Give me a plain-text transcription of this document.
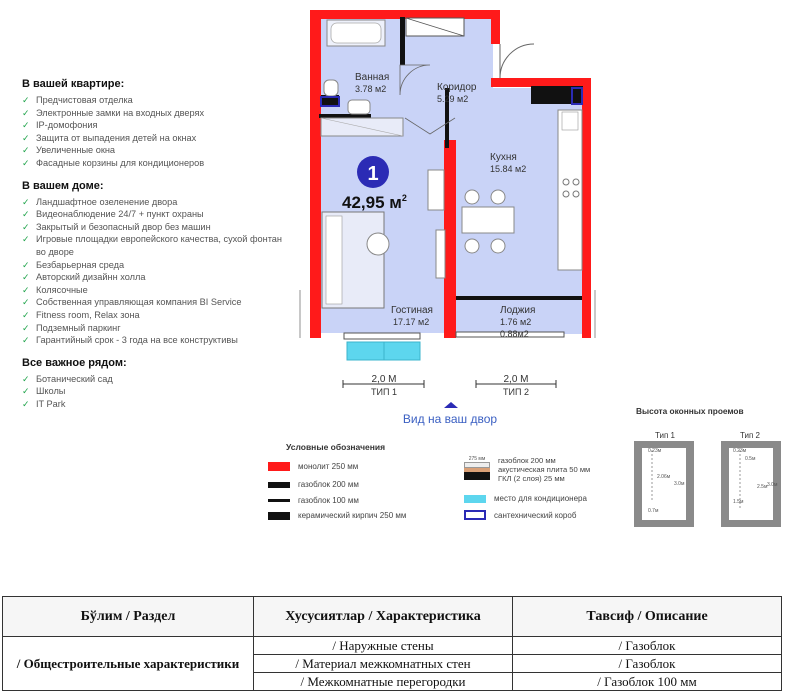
В вашей квартире:
✓ Предчистовая отделка
✓ Электронные замки на входных дверях
✓ IP-домофония
✓ Защита от выпадения детей на окнах
✓ Увеличенные окна
✓ Фасадные корзины для кондиционеров
В вашем доме:
✓ Ландшафтное озеленение двора
✓ Видеонаблюдение 24/7 + пункт охраны
✓ Закрытый и безопасный двор без машин
✓ Игровые площадки европейского качества, сухой фонтан во дворе
✓ Безбарьерная среда
✓ Авторский дизайнн холла
✓ Колясочные
✓ Собственная управляющая компания BI Service
✓ Fitness room, Relax зона
✓ Подземный паркинг
✓ Гарантийный срок - 3 года на все конструктивы
Все важное рядом:
✓ Ботанический сад
✓ Школы
✓ IT Park
Ванная
3.78 м2	Коридор
5.29 м2
Кухня
15.84 м2
Гостиная
17.17 м2
Лоджия
1.76 м2
0.88м2
1
42,95 $м^2$
2,0 М
ТИП 1
2,0 М
ТИП 2
Вид на ваш двор
Тип 1
0.23м
2.06м
3.0м
0.7м
Тип 2
0.23м
0.5м
2.5м 3.0м
1.5м
Условные обозначения
монолит 250 мм
газоблок 200 мм
газоблок 100 мм
керамический кирпич 250 мм
275 мм	газоблок 200 мм
акустическая плита 50 мм
ГКЛ (2 слоя) 25 мм
место для кондиционера
сантехнический короб
Высота оконных проемов
Бўлим / Раздел	Хусусиятлар / Характеристика	Тавсиф / Описание
/ Общестроительные характеристики	/ Наружные стены	/ Газоблок
	/ Материал межкомнатных стен	/ Газоблок
	/ Межкомнатные перегородки	/ Газоблок 100 мм
